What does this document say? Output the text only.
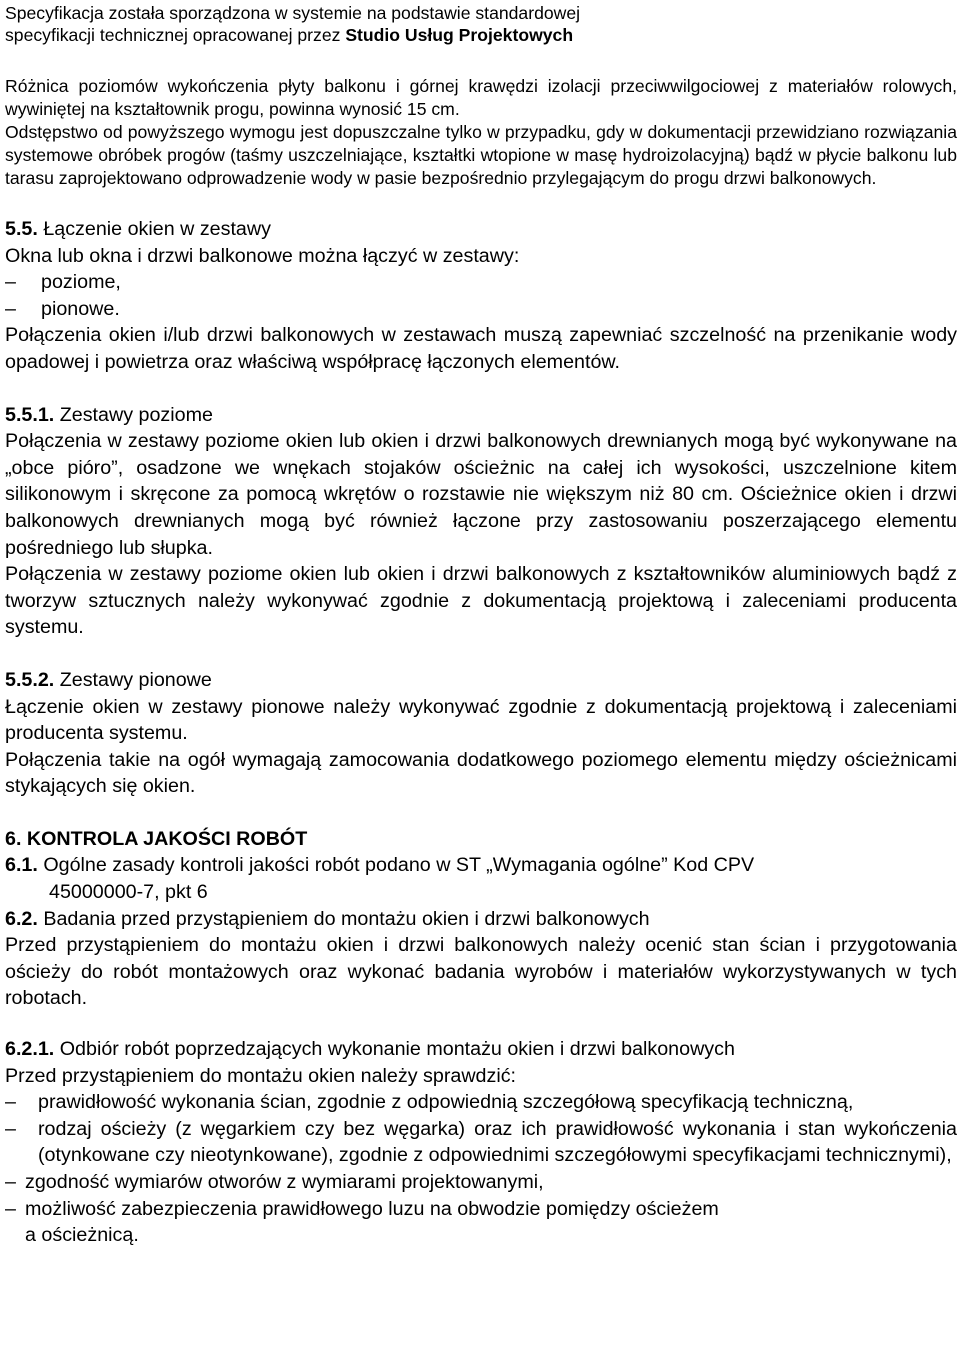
Specyfikacja została sporządzona w systemie na podstawie standardowej

specyfikacji technicznej opracowanej przez Studio Usług Projektowych

Różnica poziomów wykończenia płyty balkonu i górnej krawędzi izolacji przeciwwilgociowej z materiałów rolowych, wywiniętej na kształtownik progu, powinna wynosić 15 cm.

Odstępstwo od powyższego wymogu jest dopuszczalne tylko w przypadku, gdy w dokumentacji przewidziano rozwiązania systemowe obróbek progów (taśmy uszczelniające, kształtki wtopione w masę hydroizolacyjną) bądź w płycie balkonu lub tarasu zaprojektowano odprowadzenie wody w pasie bezpośrednio przylegającym do progu drzwi balkonowych.

5.5. Łączenie okien w zestawy
Okna lub okna i drzwi balkonowe można łączyć w zestawy:
– poziome,
– pionowe.

Połączenia okien i/lub drzwi balkonowych w zestawach muszą zapewniać szczelność na przenikanie wody opadowej i powietrza oraz właściwą współpracę łączonych elementów.

5.5.1. Zestawy poziome

Połączenia w zestawy poziome okien lub okien i drzwi balkonowych drewnianych mogą być wykonywane na „obce pióro”, osadzone we wnękach stojaków ościeżnic na całej ich wysokości, uszczelnione kitem silikonowym i skręcone za pomocą wkrętów o rozstawie nie większym niż 80 cm. Ościeżnice okien i drzwi balkonowych drewnianych mogą być również łączone przy zastosowaniu poszerzającego elementu pośredniego lub słupka.

Połączenia w zestawy poziome okien lub okien i drzwi balkonowych z kształtowników aluminiowych bądź z tworzyw sztucznych należy wykonywać zgodnie z dokumentacją projektową i zaleceniami producenta systemu.

5.5.2. Zestawy pionowe

Łączenie okien w zestawy pionowe należy wykonywać zgodnie z dokumentacją projektową i zaleceniami producenta systemu.

Połączenia takie na ogół wymagają zamocowania dodatkowego poziomego elementu między ościeżnicami stykających się okien.

6. KONTROLA JAKOŚCI ROBÓT
6.1. Ogólne zasady kontroli jakości robót podano w ST „Wymagania ogólne” Kod CPV
45000000-7, pkt 6
6.2. Badania przed przystąpieniem do montażu okien i drzwi balkonowych

Przed przystąpieniem do montażu okien i drzwi balkonowych należy ocenić stan ścian i przygotowania ościeży do robót montażowych oraz wykonać badania wyrobów i materiałów wykorzystywanych w tych robotach.

6.2.1. Odbiór robót poprzedzających wykonanie montażu okien i drzwi balkonowych
Przed przystąpieniem do montażu okien należy sprawdzić:
– prawidłowość wykonania ścian, zgodnie z odpowiednią szczegółową specyfikacją techniczną,
– rodzaj ościeży (z węgarkiem czy bez węgarka) oraz ich prawidłowość wykonania i stan wykończenia (otynkowane czy nieotynkowane), zgodnie z odpowiednimi szczegółowymi specyfikacjami technicznymi),
– zgodność wymiarów otworów z wymiarami projektowanymi,
– możliwość zabezpieczenia prawidłowego luzu na obwodzie pomiędzy ościeżem
a ościeżnicą.
